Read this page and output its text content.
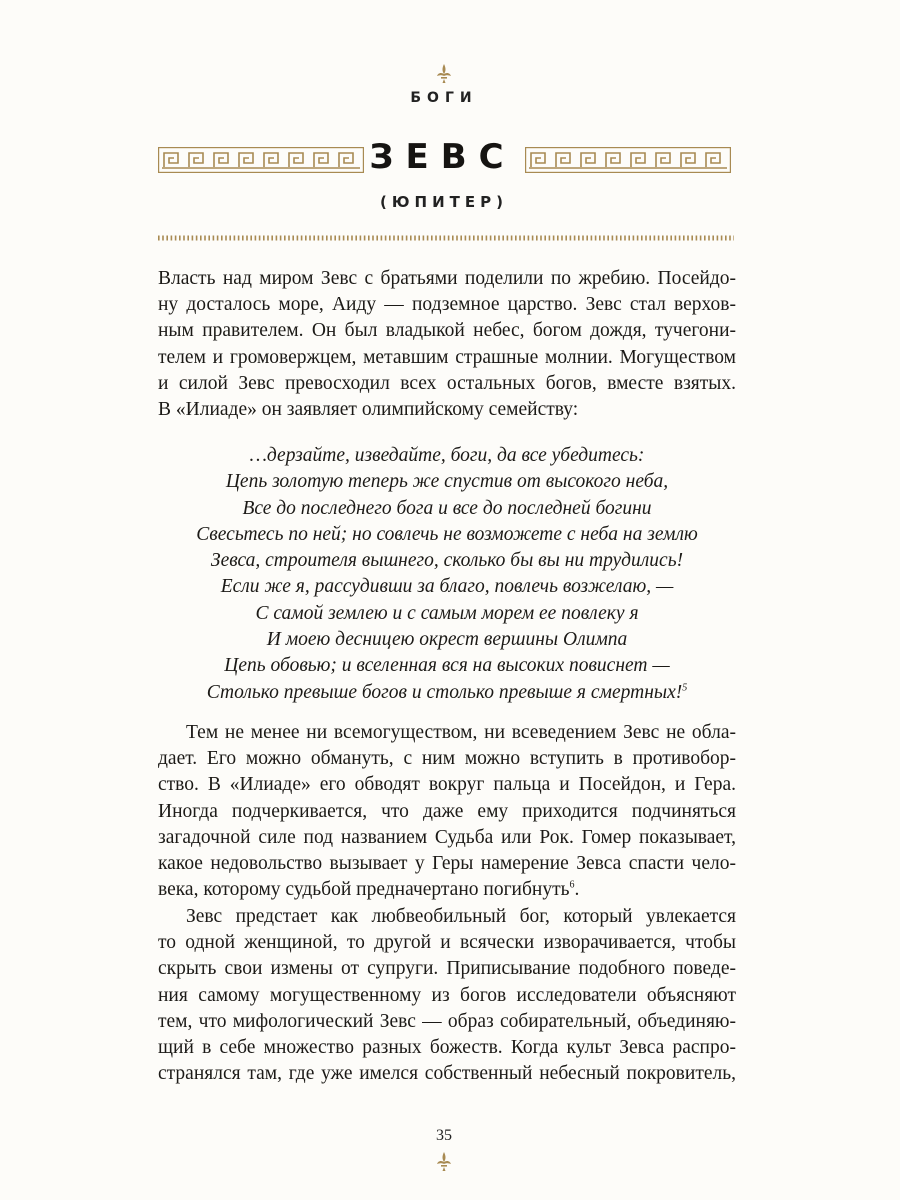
БОГИ
ЗЕВС
(ЮПИТЕР)
Власть над миром Зевс с братьями поделили по жребию. Посейдо-
ну досталось море, Аиду — подземное царство. Зевс стал верхов-
ным правителем. Он был владыкой небес, богом дождя, тучегони-
телем и громовержцем, метавшим страшные молнии. Могуществом
и силой Зевс превосходил всех остальных богов, вместе взятых.
В «Илиаде» он заявляет олимпийскому семейству:
…дерзайте, изведайте, боги, да все убедитесь:
Цепь золотую теперь же спустив от высокого неба,
Все до последнего бога и все до последней богини
Свесьтесь по ней; но совлечь не возможете с неба на землю
Зевса, строителя вышнего, сколько бы вы ни трудились!
Если же я, рассудивши за благо, повлечь возжелаю, —
С самой землею и с самым морем ее повлеку я
И моею десницею окрест вершины Олимпа
Цепь обовью; и вселенная вся на высоких повиснет —
Столько превыше богов и столько превыше я смертных!$^5$
Тем не менее ни всемогуществом, ни всеведением Зевс не обла-
дает. Его можно обмануть, с ним можно вступить в противобор-
ство. В «Илиаде» его обводят вокруг пальца и Посейдон, и Гера.
Иногда подчеркивается, что даже ему приходится подчиняться
загадочной силе под названием Судьба или Рок. Гомер показывает,
какое недовольство вызывает у Геры намерение Зевса спасти чело-
века, которому судьбой предначертано погибнуть$^6$.
Зевс предстает как любвеобильный бог, который увлекается
то одной женщиной, то другой и всячески изворачивается, чтобы
скрыть свои измены от супруги. Приписывание подобного поведе-
ния самому могущественному из богов исследователи объясняют
тем, что мифологический Зевс — образ собирательный, объединяю-
щий в себе множество разных божеств. Когда культ Зевса распро-
странялся там, где уже имелся собственный небесный покровитель,
35
